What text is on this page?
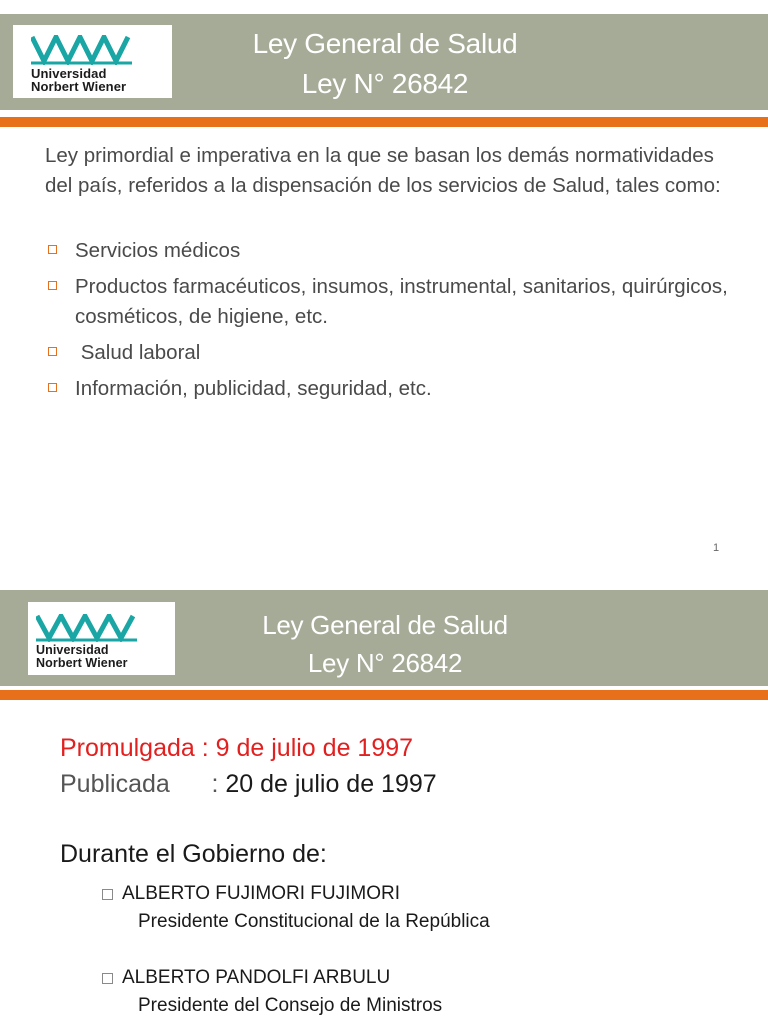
Universidad
Norbert Wiener
Ley General de Salud
Ley N° 26842
Ley primordial e imperativa en la que se basan los demás normatividades del país, referidos a la dispensación de los servicios de Salud, tales como:
Servicios médicos
Productos farmacéuticos, insumos, instrumental, sanitarios, quirúrgicos, cosméticos, de higiene, etc.
Salud laboral
Información, publicidad, seguridad, etc.
1
Universidad
Norbert Wiener
Ley General de Salud
Ley N° 26842
Promulgada : 9 de julio de 1997
Publicada      : 20 de julio de 1997
Durante el Gobierno de:
ALBERTO FUJIMORI FUJIMORI
Presidente Constitucional de la República
ALBERTO PANDOLFI ARBULU
Presidente del Consejo de Ministros
